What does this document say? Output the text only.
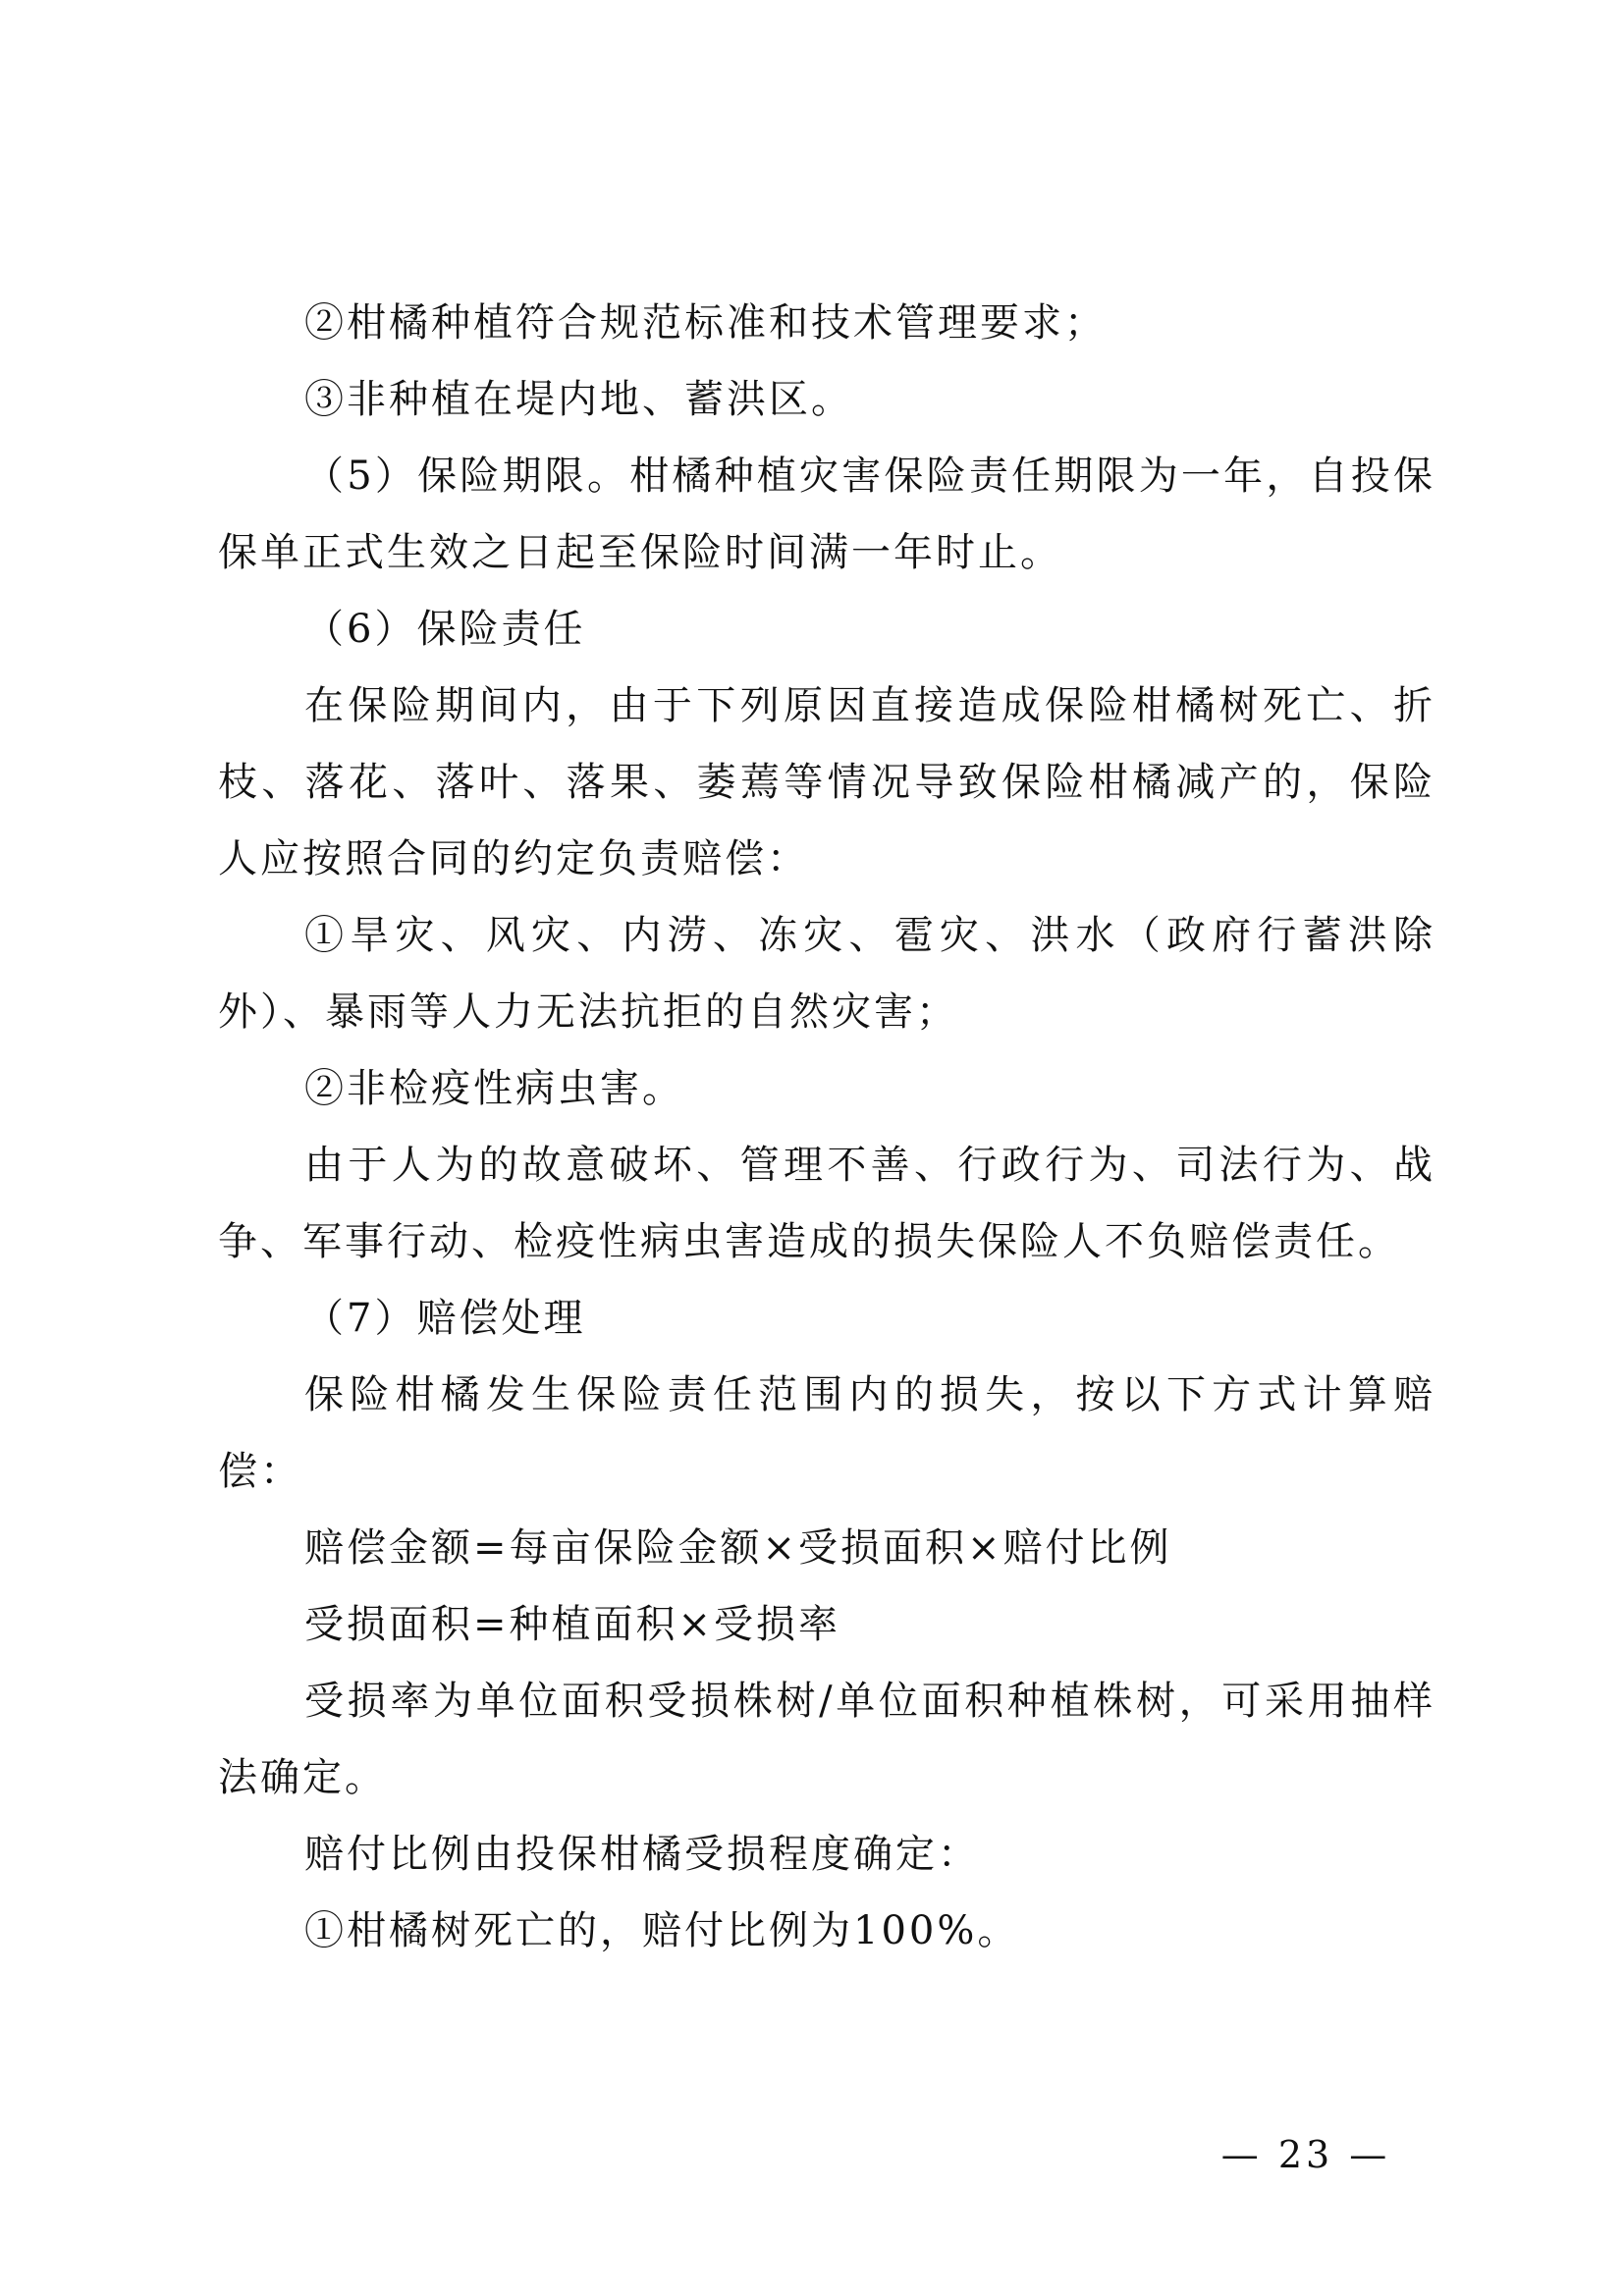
②柑橘种植符合规范标准和技术管理要求；

③非种植在堤内地、蓄洪区。

（5）保险期限。柑橘种植灾害保险责任期限为一年，自投保保单正式生效之日起至保险时间满一年时止。

（6）保险责任

在保险期间内，由于下列原因直接造成保险柑橘树死亡、折枝、落花、落叶、落果、萎蔫等情况导致保险柑橘减产的，保险人应按照合同的约定负责赔偿：

①旱灾、风灾、内涝、冻灾、雹灾、洪水（政府行蓄洪除外）、暴雨等人力无法抗拒的自然灾害；

②非检疫性病虫害。

由于人为的故意破坏、管理不善、行政行为、司法行为、战争、军事行动、检疫性病虫害造成的损失保险人不负赔偿责任。

（7）赔偿处理

保险柑橘发生保险责任范围内的损失，按以下方式计算赔偿：

赔偿金额=每亩保险金额×受损面积×赔付比例

受损面积=种植面积×受损率

受损率为单位面积受损株树/单位面积种植株树，可采用抽样法确定。

赔付比例由投保柑橘受损程度确定：

①柑橘树死亡的，赔付比例为100%。

— 23 —
